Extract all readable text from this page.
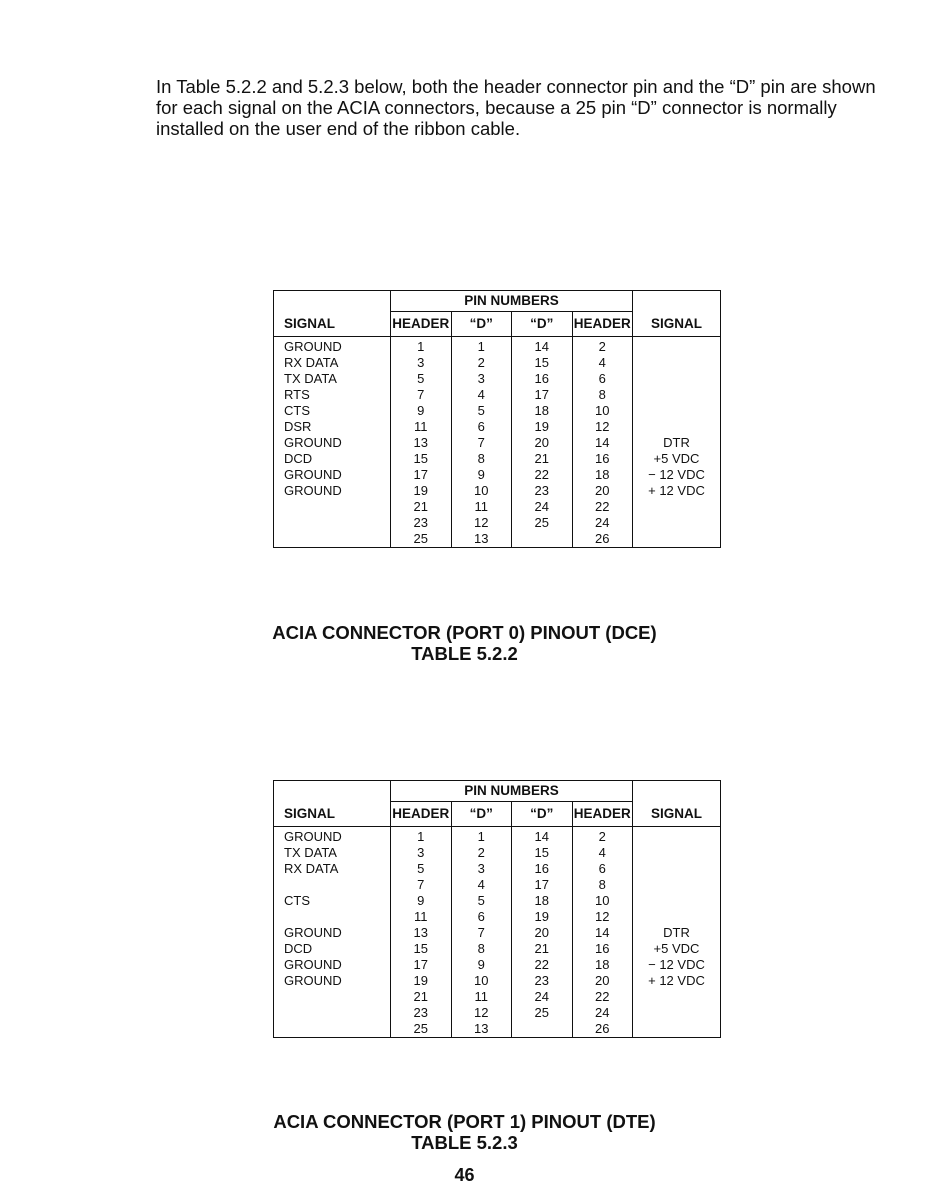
In Table 5.2.2 and 5.2.3 below, both the header connector pin and the “D” pin are shown for each signal on the ACIA connectors, because a 25 pin “D” connector is normally installed on the user end of the ribbon cable.

	PIN NUMBERS				
SIGNAL	HEADER	“D”	“D”	HEADER	SIGNAL
GROUND	1	1	14	2	
RX DATA	3	2	15	4	
TX DATA	5	3	16	6	
RTS	7	4	17	8	
CTS	9	5	18	10	
DSR	11	6	19	12	
GROUND	13	7	20	14	DTR
DCD	15	8	21	16	+5 VDC
GROUND	17	9	22	18	− 12 VDC
GROUND	19	10	23	20	+ 12 VDC
	21	11	24	22	
	23	12	25	24	
	25	13		26	

ACIA CONNECTOR (PORT 0) PINOUT (DCE)
TABLE 5.2.2

	PIN NUMBERS				
SIGNAL	HEADER	“D”	“D”	HEADER	SIGNAL
GROUND	1	1	14	2	
TX DATA	3	2	15	4	
RX DATA	5	3	16	6	
	7	4	17	8	
CTS	9	5	18	10	
	11	6	19	12	
GROUND	13	7	20	14	DTR
DCD	15	8	21	16	+5 VDC
GROUND	17	9	22	18	− 12 VDC
GROUND	19	10	23	20	+ 12 VDC
	21	11	24	22	
	23	12	25	24	
	25	13		26	

ACIA CONNECTOR (PORT 1) PINOUT (DTE)
TABLE 5.2.3

46
